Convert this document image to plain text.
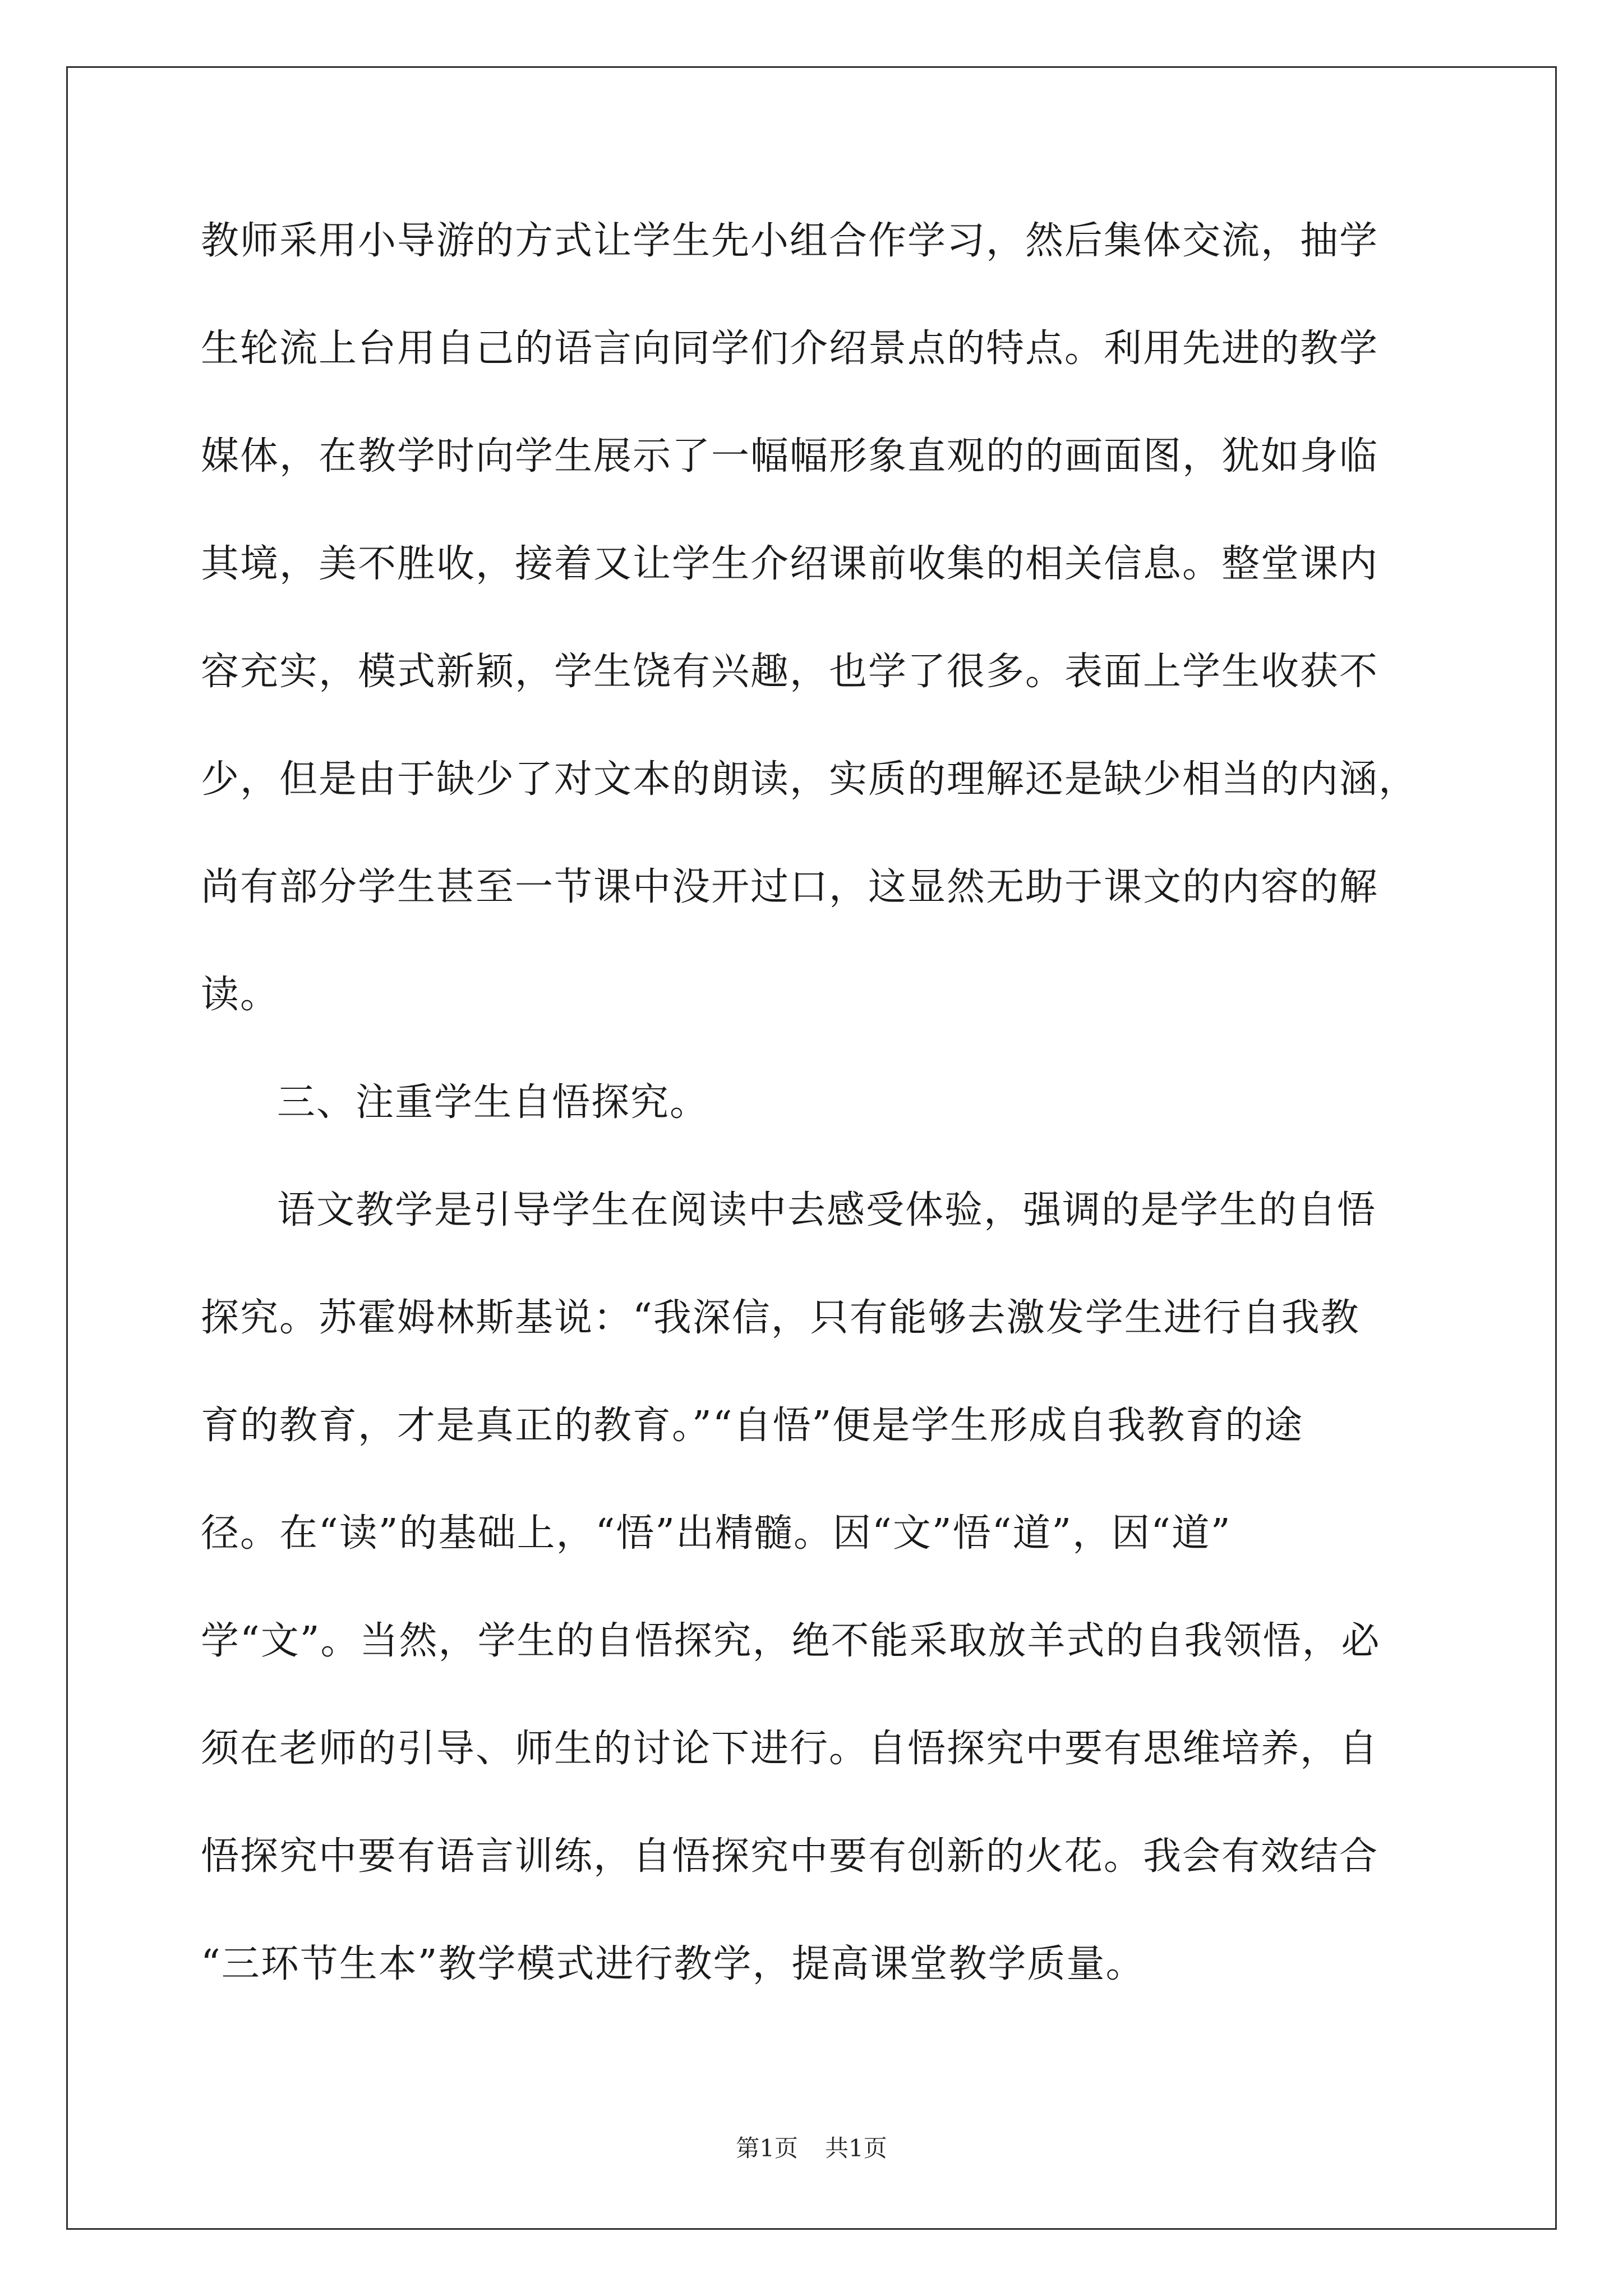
教师采用小导游的方式让学生先小组合作学习，然后集体交流，抽学
生轮流上台用自己的语言向同学们介绍景点的特点。利用先进的教学
媒体，在教学时向学生展示了一幅幅形象直观的的画面图，犹如身临
其境，美不胜收，接着又让学生介绍课前收集的相关信息。整堂课内
容充实，模式新颖，学生饶有兴趣，也学了很多。表面上学生收获不
少，但是由于缺少了对文本的朗读，实质的理解还是缺少相当的内涵，
尚有部分学生甚至一节课中没开过口，这显然无助于课文的内容的解
读。
三、注重学生自悟探究。
语文教学是引导学生在阅读中去感受体验，强调的是学生的自悟
探究。苏霍姆林斯基说：“我深信，只有能够去激发学生进行自我教
育的教育，才是真正的教育。”“自悟”便是学生形成自我教育的途
径。在“读”的基础上，“悟”出精髓。因“文”悟“道”，因“道”
学“文”。当然，学生的自悟探究，绝不能采取放羊式的自我领悟，必
须在老师的引导、师生的讨论下进行。自悟探究中要有思维培养，自
悟探究中要有语言训练，自悟探究中要有创新的火花。我会有效结合
“三环节生本”教学模式进行教学，提高课堂教学质量。
第1页 共1页
